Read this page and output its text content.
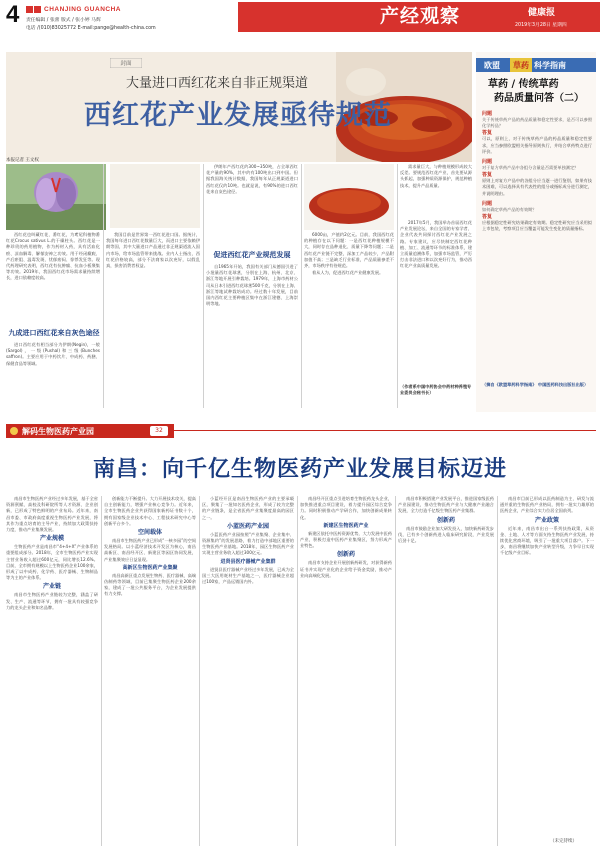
4	CHANJING GUANCHA
责任编辑 / 张蕾 版式 / 张小婷 马辉
电话 /(010)83025772 E-mail:pange@health-china.com
产经观察	健康报
2019年3月28日 星期四
封面
大量进口西红花来自非正规渠道
西红花产业发展亟待规范

西红花也叫藏红花、番红花，为鸢尾科植物番红花Crocus sativus L.的干燥柱头。西红花是一种珍贵的药用植物，作为药材入药，具有活血化瘀、凉血解毒、解郁安神之功效。用于经闭癥瘕、产后瘀阻、温毒发斑、忧郁痞闷、惊悸发狂等。现代药理研究表明，西红花有抗肿瘤、抗血小板聚集等功效。2019年，我国西红花市场需求量持续增长，进口依赖度较高。

本报记者 王文权
九成进口西红花来自灰色途径

进口西红花有相当部分为伊朗(Negin)，一般(Sargol)，一级(Pushal)和三级(Bunches saffron)。主要应用于中药饮片、中成药、药膳、保健食品等领域。

我国目前是世界第一西红花进口国。据统计，我国每年进口西红花数量巨大，而进口主要依赖伊朗等国，其中大量进口产品通过非正规渠道流入国内市场，给市场监管带来挑战。业内人士指出，西红花价格较高，部分不法商家以次充好，以假乱真，损害消费者权益。

伊朗年产西红花约300~350吨，占全球西红花产量的90%，其中约有100吨出口到中国。但据我国海关统计数据，我国每年从正规渠道进口西红花仅约10吨。也就是说，有90%的进口西红花来自灰色途径。

促进西红花产业规范发展

自1965年开始，我国有关部门从德国引进了小批量西红花球茎，分别在上海、杭州、北京、浙江等地开展引种栽培。1979年，上海市药材公司从日本引进西红花球茎500千克，分别在上海、浙江等地试种栽培成功。经过数十年发展，目前国内西红花主要种植区集中在浙江建德、上海崇明等地。

6000亩，产值约2亿元。目前，我国西红花的种植存在以下问题：一是西红花种植规模不大，同时存在品种退化、质量下降等问题；二是西红花产业链不完整，深加工产品较少，产品附加值不高；三是缺乏行业标准，产品质量参差不齐，市场秩序有待规范。

着从人为，促进西红花产业健康发展。

需求量巨大，与种植规模形成较大反差。要规范西红花产业，首先要从源头抓起，加强种质资源保护，规范种植技术，提升产品质量。

2017年5月，我国举办首届西红花产业发展论坛，来自全国的专家学者、企业代表共同探讨西红花产业发展之路。专家建议，应尽快制定西红花种植、加工、流通等环节的标准体系，建立质量追溯体系，加强市场监管，严厉打击非法进口和以次充好行为，推动西红花产业高质量发展。

（作者系中国中药协会中药材种养殖专业委员会秘书长）
欧盟	草药 科学指南
草药 / 传统草药
药品质量问答（二）
问题
关于传统草药产品的药品质量和稳定性要求，是否可以参照化学药品？
答复
可以，原则上，对于传统草药产品的药品质量和稳定性要求，应当参照欧盟相关指导原则执行，并结合草药特点进行评价。
问题
对于复方草药产品中各组分含量是否需要单独测定？
答复
原则上对复方产品中的各组分应当逐一进行鉴别，如果有技术困难，可以选择具有代表性的组分或指标成分进行测定，并说明理由。
问题
如何确定草药产品的有效期？
答复
应根据稳定性研究结果确定有效期。稳定性研究应当采用拟上市包装，考察项目应当覆盖可能发生变化的质量指标。
（摘自《欧盟草药科学指南》 中国医药科技出版社出版）
解码生物医药产业园	32
南昌：向千亿生物医药产业发展目标迈进

南昌市生物医药产业经过多年发展，基于全省资源禀赋、高校及科研院所等人才资源、企业创新，已形成了特色鲜明的产业布局。近年来，南昌市委、市政府高度重视生物医药产业发展，将其作为重点培育的主导产业，持续加大政策扶持力度，推动产业集聚发展。

产业规模

生物医药产业是南昌市“4+4+X”产业体系的重要组成部分。2018年，全市生物医药产业实现主营业务收入超过600亿元，同比增长12.6%。目前，全市拥有规模以上生物医药企业100余家，形成了以中成药、化学药、医疗器械、生物制品等为主的产业体系。

产业链

南昌市生物医药产业链较为完整，涵盖了研发、生产、流通等环节，拥有一批具有较强竞争力的龙头企业和知名品牌。

创新能力不断提升。大力开展技术攻关，提高自主创新能力，增强产业核心竞争力。近年来，全市生物医药企业共获得国家新药证书数十个，拥有国家级企业技术中心、工程技术研究中心等创新平台多个。

空间载体

南昌市生物医药产业已形成“一核多园”的空间发展格局。以小蓝经济技术开发区为核心，南昌高新区、南昌经开区、新建区等园区协同发展，产业集聚效应日益显现。

高新区生物医药产业集聚

南昌高新区重点发展生物药、医疗器械、高端仿制药等领域，目前已集聚生物医药企业200余家，建成了一批公共服务平台，为企业发展提供有力支撑。

小蓝经开区是南昌生物医药产业的主要承载区，聚集了一批知名医药企业，形成了较为完整的产业链条，是全省医药产业集聚度最高的园区之一。

小蓝医药产业园

小蓝医药产业园按照“产业集聚、企业集中、资源集约”的发展思路，着力打造中部地区重要的生物医药产业基地。2018年，园区生物医药产业实现主营业务收入超过300亿元。

进贤县医疗器械产业集群

进贤县医疗器械产业经过多年发展，已成为全国三大医用耗材生产基地之一，医疗器械企业超过100家，产品远销国内外。

南昌经开区重点引进培育生物医药龙头企业，加快推进重点项目建设，着力提升园区综合竞争力。同时积极推动产学研合作，加快创新成果转化。

新建区生物医药产业

新建区依托中医药资源优势，大力发展中医药产业，积极打造中医药产业集聚区，努力形成产业特色。

创新药

南昌市支持企业开展创新药研发，对获得新药证书并实现产业化的企业给予资金奖励，推动产业向高端化发展。

南昌市积极搭建产业发展平台，推进国家级医药产业园建设，推动生物医药产业与大健康产业融合发展，全力打造千亿级生物医药产业集群。

创新药

南昌市鼓励企业加大研发投入，加快新药研发步伐，已有多个创新药进入临床研究阶段，产业发展后劲十足。

南昌市目前已形成以医药制造为主、研发与流通并重的生物医药产业格局，拥有一批实力雄厚的医药企业，产业综合实力位居全国前列。

产业政策

近年来，南昌市出台一系列扶持政策，从资金、土地、人才等方面支持生物医药产业发展，持续优化营商环境，吸引了一批重大项目落户。下一步，南昌将继续加快产业转型升级，力争早日实现千亿级产业目标。

（未完待续）
